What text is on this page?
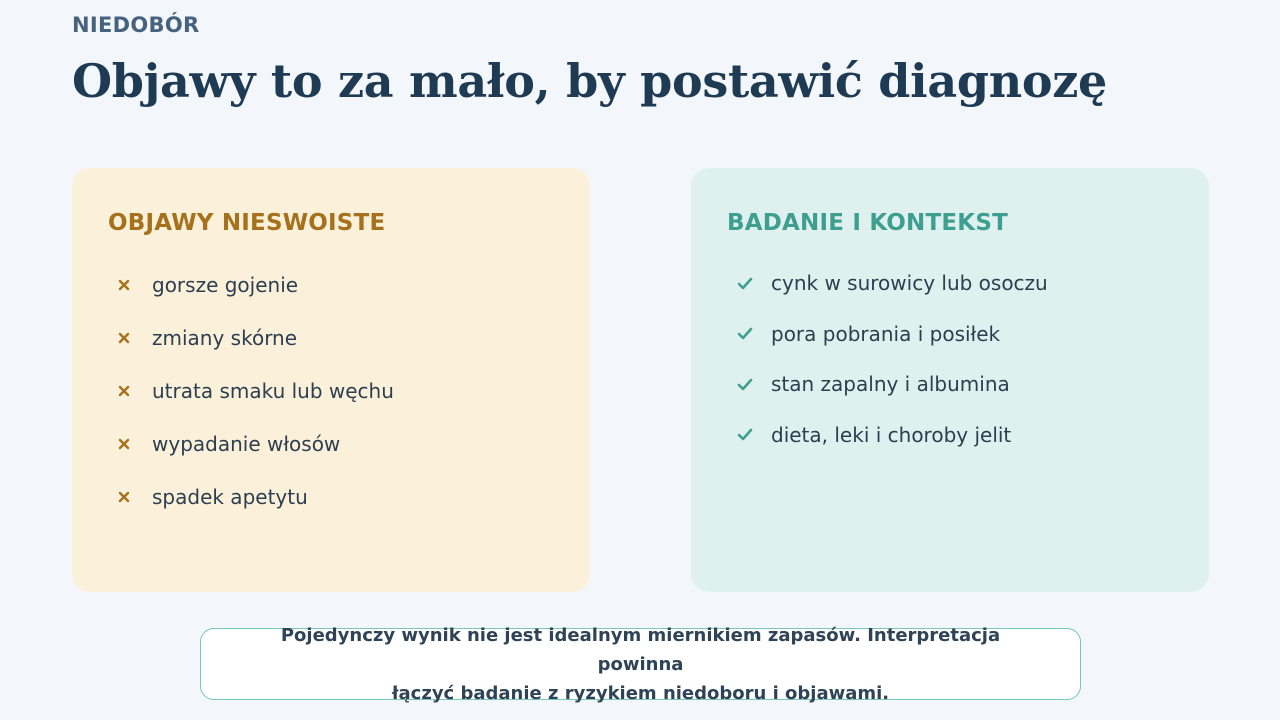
NIEDOBÓR
Objawy to za mało, by postawić diagnozę
OBJAWY NIESWOISTE
gorsze gojenie
zmiany skórne
utrata smaku lub węchu
wypadanie włosów
spadek apetytu
BADANIE I KONTEKST
cynk w surowicy lub osoczu
pora pobrania i posiłek
stan zapalny i albumina
dieta, leki i choroby jelit

Pojedynczy wynik nie jest idealnym miernikiem zapasów. Interpretacja powinna
łączyć badanie z ryzykiem niedoboru i objawami.
